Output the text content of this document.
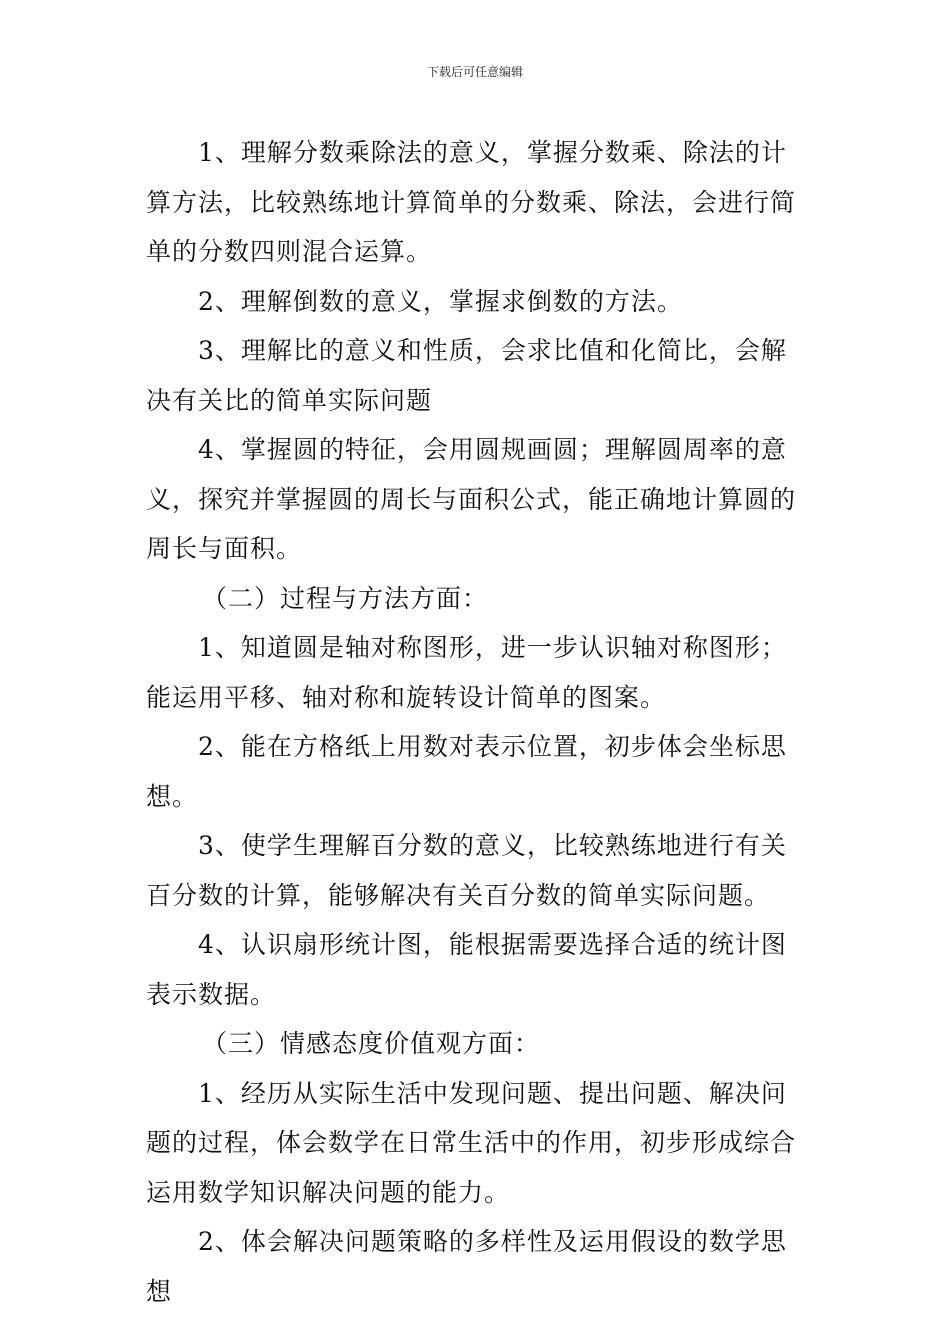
下载后可任意编辑

1、理解分数乘除法的意义，掌握分数乘、除法的计算方法，比较熟练地计算简单的分数乘、除法，会进行简单的分数四则混合运算。

2、理解倒数的意义，掌握求倒数的方法。

3、理解比的意义和性质，会求比值和化简比，会解决有关比的简单实际问题

4、掌握圆的特征，会用圆规画圆；理解圆周率的意义，探究并掌握圆的周长与面积公式，能正确地计算圆的周长与面积。

（二）过程与方法方面：

1、知道圆是轴对称图形，进一步认识轴对称图形；能运用平移、轴对称和旋转设计简单的图案。

2、能在方格纸上用数对表示位置，初步体会坐标思想。

3、使学生理解百分数的意义，比较熟练地进行有关百分数的计算，能够解决有关百分数的简单实际问题。

4、认识扇形统计图，能根据需要选择合适的统计图表示数据。

（三）情感态度价值观方面：

1、经历从实际生活中发现问题、提出问题、解决问题的过程，体会数学在日常生活中的作用，初步形成综合运用数学知识解决问题的能力。

2、体会解决问题策略的多样性及运用假设的数学思想
